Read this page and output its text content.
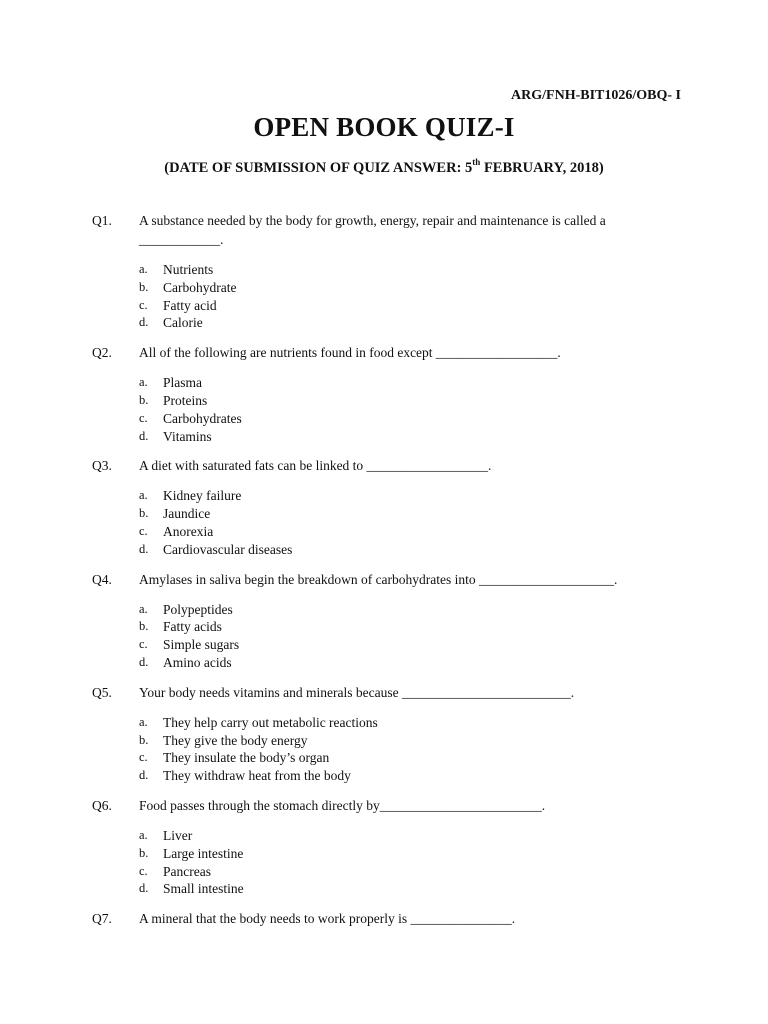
ARG/FNH-BIT1026/OBQ- I
OPEN BOOK QUIZ-I
(DATE OF SUBMISSION OF QUIZ ANSWER: 5th FEBRUARY, 2018)
Q1.	A substance needed by the body for growth, energy, repair and maintenance is called a ____________.
a.	Nutrients
b.	Carbohydrate
c.	Fatty acid
d.	Calorie
Q2.	All of the following are nutrients found in food except __________________.
a.	Plasma
b.	Proteins
c.	Carbohydrates
d.	Vitamins
Q3.	A diet with saturated fats can be linked to __________________.
a.	Kidney failure
b.	Jaundice
c.	Anorexia
d.	Cardiovascular diseases
Q4.	Amylases in saliva begin the breakdown of carbohydrates into ____________________.
a.	Polypeptides
b.	Fatty acids
c.	Simple sugars
d.	Amino acids
Q5.	Your body needs vitamins and minerals because _________________________.
a.	They help carry out metabolic reactions
b.	They give the body energy
c.	They insulate the body’s organ
d.	They withdraw heat from the body
Q6.	Food passes through the stomach directly by________________________.
a.	Liver
b.	Large intestine
c.	Pancreas
d.	Small intestine
Q7.	A mineral that the body needs to work properly is _______________.
